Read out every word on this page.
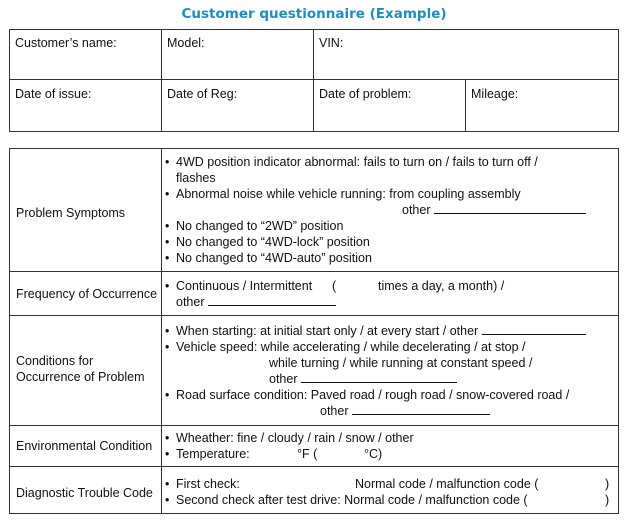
Customer questionnaire (Example)
Customer’s name:	Model:	VIN:
Date of issue:	Date of Reg:	Date of problem:	Mileage:
Problem Symptoms
• 4WD position indicator abnormal: fails to turn on / fails to turn off /
flashes
• Abnormal noise while vehicle running: from coupling assembly
other
• No changed to “2WD” position
• No changed to “4WD-lock” position
• No changed to “4WD-auto” position
Frequency of Occurrence
• Continuous / Intermittent (	times a day, a month) /
other
Conditions for
Occurrence of Problem
• When starting: at initial start only / at every start / other
• Vehicle speed: while accelerating / while decelerating / at stop /
while turning / while running at constant speed /
other
• Road surface condition: Paved road / rough road / snow-covered road /
other
Environmental Condition
• Wheather: fine / cloudy / rain / snow / other
• Temperature:	°F (	°C)
Diagnostic Trouble Code
• First check:	Normal code / malfunction code (	)
• Second check after test drive: Normal code / malfunction code (	)
